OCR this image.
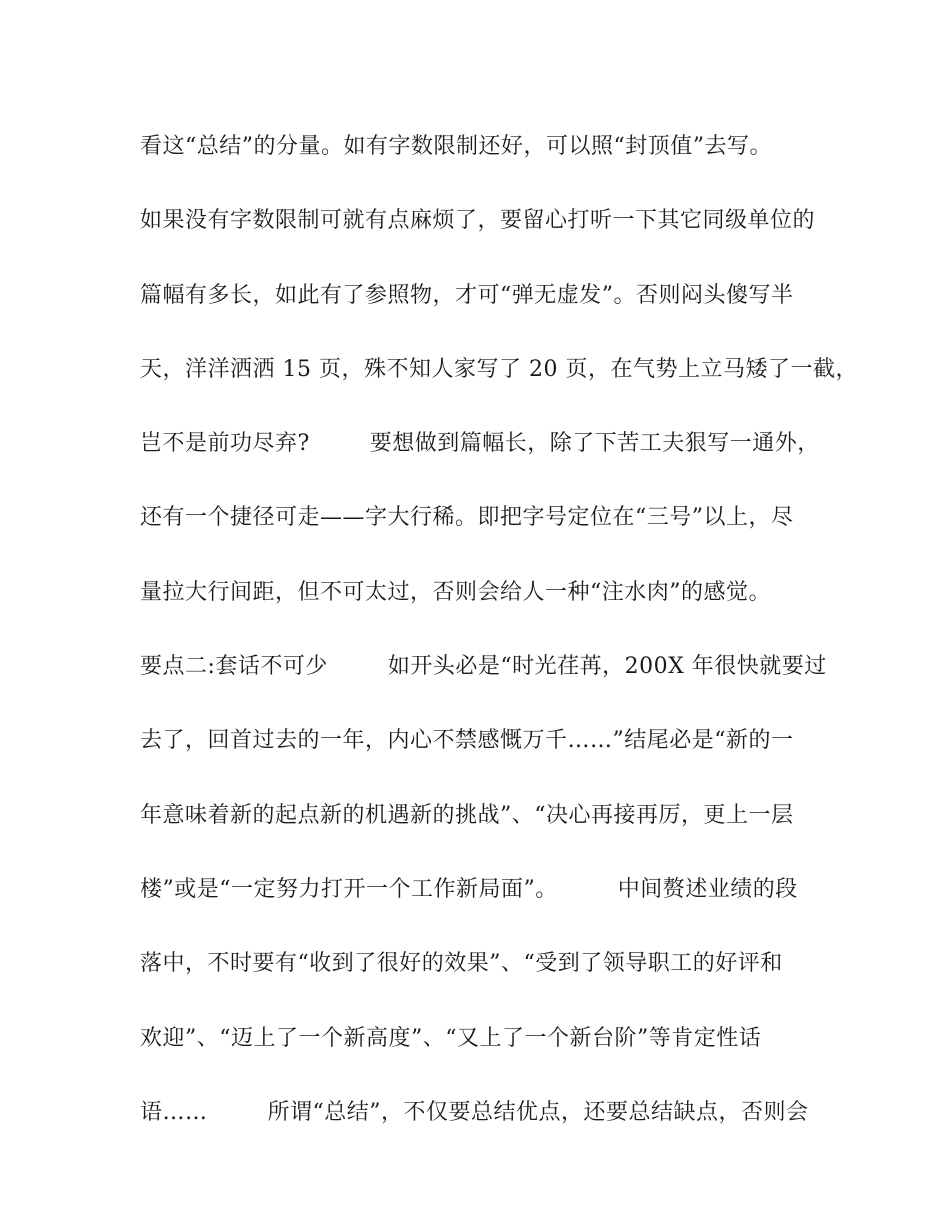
看这“总结”的分量。如有字数限制还好，可以照“封顶值”去写。

如果没有字数限制可就有点麻烦了，要留心打听一下其它同级单位的

篇幅有多长，如此有了参照物，才可“弹无虚发”。否则闷头傻写半

天，洋洋洒洒 15 页，殊不知人家写了 20 页，在气势上立马矮了一截，

岂不是前功尽弃?        要想做到篇幅长，除了下苦工夫狠写一通外，

还有一个捷径可走——字大行稀。即把字号定位在“三号”以上，尽

量拉大行间距，但不可太过，否则会给人一种“注水肉”的感觉。

要点二:套话不可少        如开头必是“时光荏苒，200X 年很快就要过

去了，回首过去的一年，内心不禁感慨万千……”结尾必是“新的一

年意味着新的起点新的机遇新的挑战”、“决心再接再厉，更上一层

楼”或是“一定努力打开一个工作新局面”。        中间赘述业绩的段

落中，不时要有“收到了很好的效果”、“受到了领导职工的好评和

欢迎”、“迈上了一个新高度”、“又上了一个新台阶”等肯定性话

语……        所谓“总结”，不仅要总结优点，还要总结缺点，否则会
